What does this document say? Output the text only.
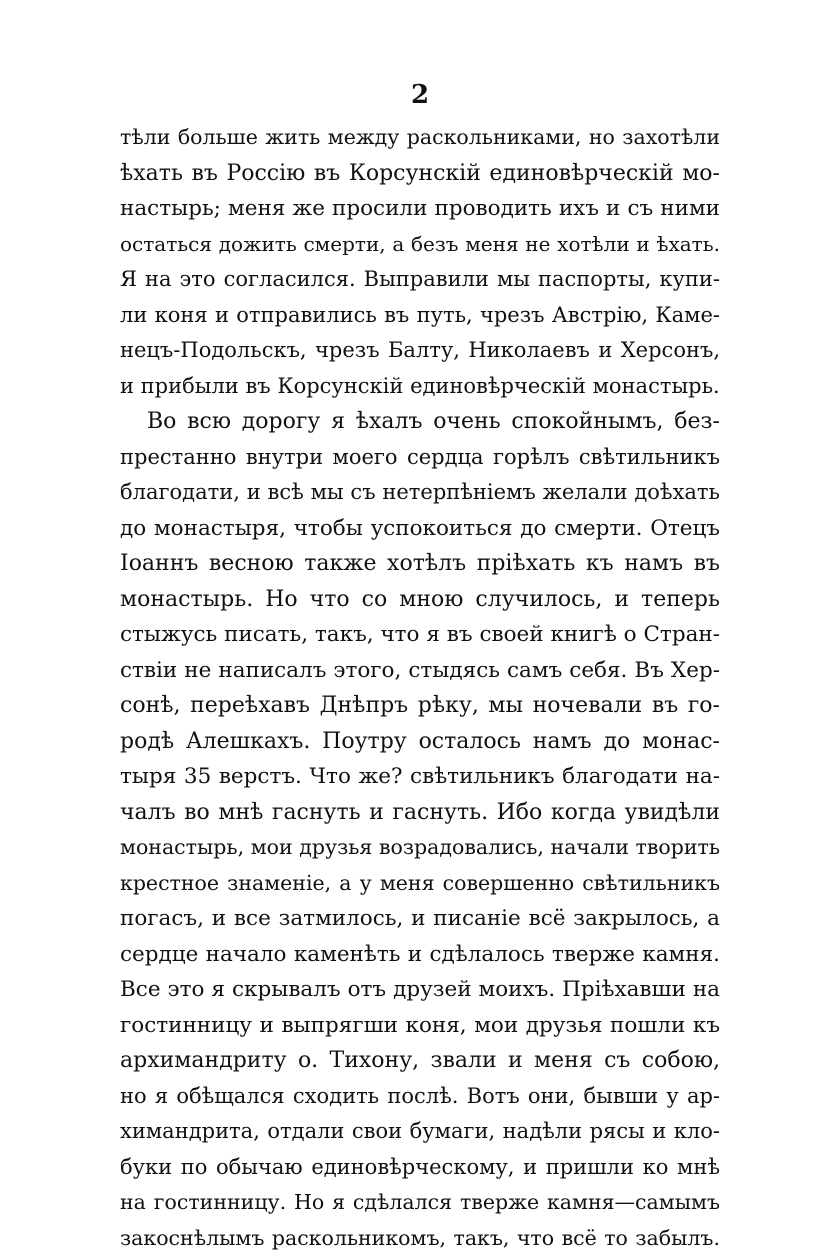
2
тѣли больше жить между раскольниками, но захотѣли
ѣхать въ Россію въ Корсунскій единовѣрческій мо-
настырь; меня же просили проводить ихъ и съ ними
остаться дожить смерти, а безъ меня не хотѣли и ѣхать.
Я на это согласился. Выправили мы паспорты, купи-
ли коня и отправились въ путь, чрезъ Австрію, Каме-
нецъ-Подольскъ, чрезъ Балту, Николаевъ и Херсонъ,
и прибыли въ Корсунскій единовѣрческій монастырь.
Во всю дорогу я ѣхалъ очень спокойнымъ, без-
престанно внутри моего сердца горѣлъ свѣтильникъ
благодати, и всѣ мы съ нетерпѣніемъ желали доѣхать
до монастыря, чтобы успокоиться до смерти. Отецъ
Іоаннъ весною также хотѣлъ пріѣхать къ намъ въ
монастырь. Но что со мною случилось, и теперь
стыжусь писать, такъ, что я въ своей книгѣ о Стран-
ствіи не написалъ этого, стыдясь самъ себя. Въ Хер-
сонѣ, переѣхавъ Днѣпръ рѣку, мы ночевали въ го-
родѣ Алешкахъ. Поутру осталось намъ до монас-
тыря 35 верстъ. Что же? свѣтильникъ благодати на-
чалъ во мнѣ гаснуть и гаснуть. Ибо когда увидѣли
монастырь, мои друзья возрадовались, начали творить
крестное знаменіе, а у меня совершенно свѣтильникъ
погасъ, и все затмилось, и писаніе всё закрылось, а
сердце начало каменѣть и сдѣлалось тверже камня.
Все это я скрывалъ отъ друзей моихъ. Пріѣхавши на
гостинницу и выпрягши коня, мои друзья пошли къ
архимандриту о. Тихону, звали и меня съ собою,
но я обѣщался сходить послѣ. Вотъ они, бывши у ар-
химандрита, отдали свои бумаги, надѣли рясы и кло-
буки по обычаю единовѣрческому, и пришли ко мнѣ
на гостинницу. Но я сдѣлался тверже камня—самымъ
закоснѣлымъ раскольникомъ, такъ, что всё то забылъ.
